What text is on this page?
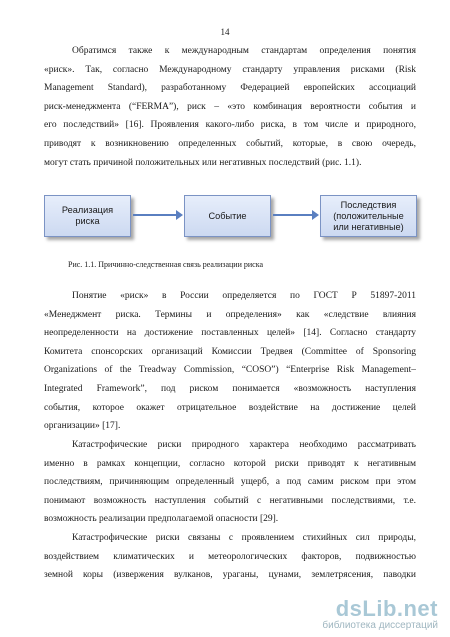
14
Обратимся также к международным стандартам определения понятия
«риск». Так, согласно Международному стандарту управления рисками (Risk
Management Standard), разработанному Федерацией европейских ассоциаций
риск-менеджмента (“FERMA”), риск – «это комбинация вероятности события и
его последствий» [16]. Проявления какого-либо риска, в том числе и природного,
приводят к возникновению определенных событий, которые, в свою очередь,
могут стать причиной положительных или негативных последствий (рис. 1.1).
Реализация
риска
Событие
Последствия
(положительные
или негативные)
Рис. 1.1. Причинно-следственная связь реализации риска
Понятие «риск» в России определяется по ГОСТ Р 51897-2011
«Менеджмент риска. Термины и определения» как «следствие влияния
неопределенности на достижение поставленных целей» [14]. Согласно стандарту
Комитета спонсорских организаций Комиссии Тредвея (Committee of Sponsoring
Organizations of the Treadway Commission, “COSO”) “Enterprise Risk Management–
Integrated Framework”, под риском понимается «возможность наступления
события, которое окажет отрицательное воздействие на достижение целей
организации» [17].
Катастрофические риски природного характера необходимо рассматривать
именно в рамках концепции, согласно которой риски приводят к негативным
последствиям, причиняющим определенный ущерб, а под самим риском при этом
понимают возможность наступления событий с негативными последствиями, т.е.
возможность реализации предполагаемой опасности [29].
Катастрофические риски связаны с проявлением стихийных сил природы,
воздействием климатических и метеорологических факторов, подвижностью
земной коры (извержения вулканов, ураганы, цунами, землетрясения, паводки
dsLib.net
библиотека диссертаций
